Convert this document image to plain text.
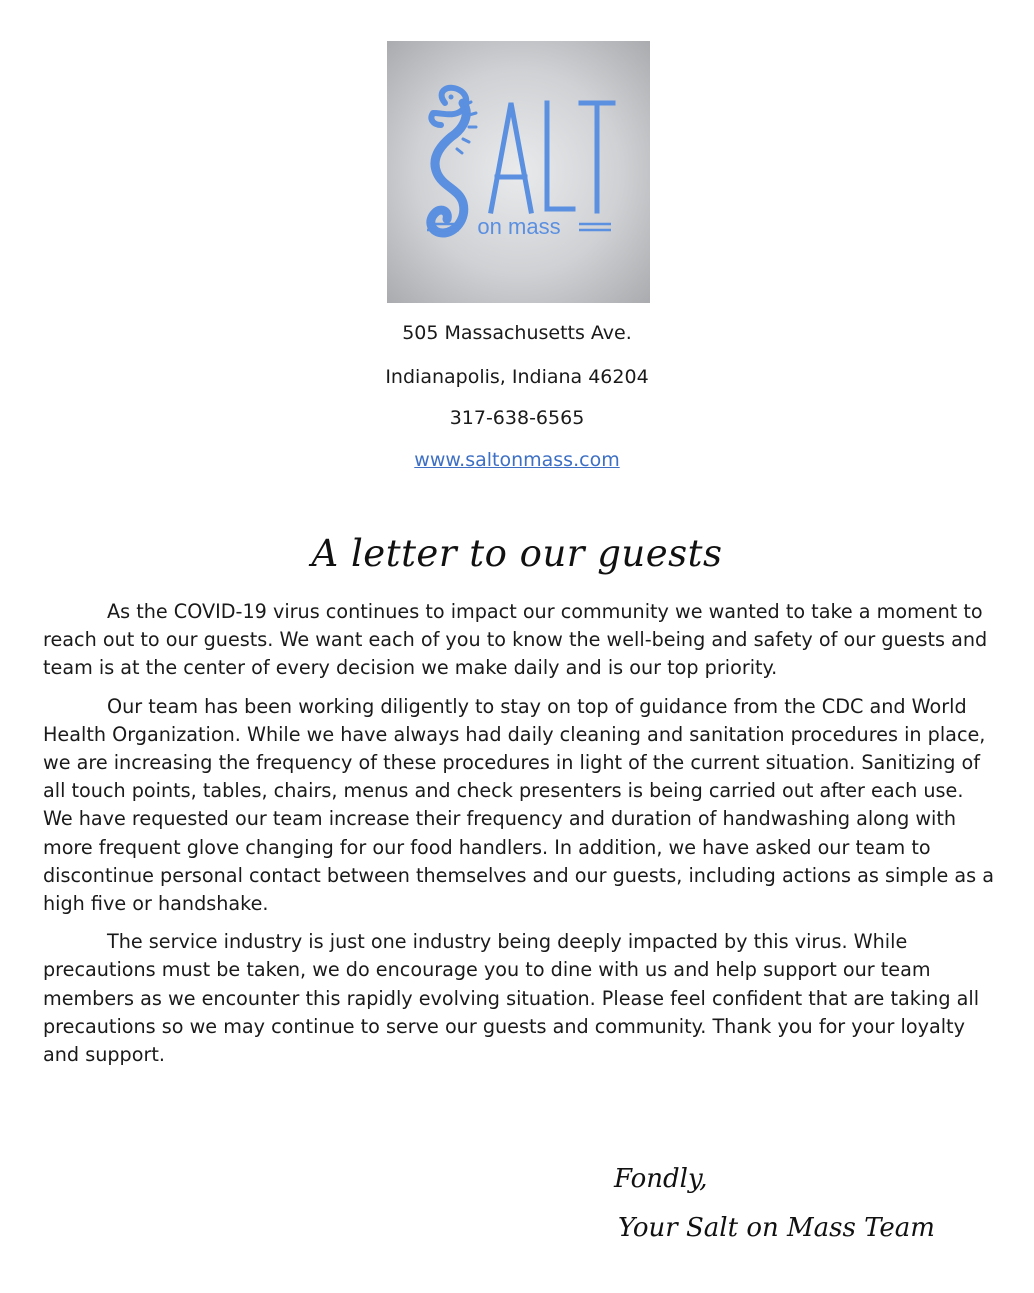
on mass
505 Massachusetts Ave.
Indianapolis, Indiana 46204
317-638-6565
www.saltonmass.com
A letter to our guests

As the COVID-19 virus continues to impact our community we wanted to take a moment to reach out to our guests. We want each of you to know the well-being and safety of our guests and team is at the center of every decision we make daily and is our top priority.

Our team has been working diligently to stay on top of guidance from the CDC and World Health Organization. While we have always had daily cleaning and sanitation procedures in place, we are increasing the frequency of these procedures in light of the current situation. Sanitizing of all touch points, tables, chairs, menus and check presenters is being carried out after each use. We have requested our team increase their frequency and duration of handwashing along with more frequent glove changing for our food handlers. In addition, we have asked our team to discontinue personal contact between themselves and our guests, including actions as simple as a high five or handshake.

The service industry is just one industry being deeply impacted by this virus. While precautions must be taken, we do encourage you to dine with us and help support our team members as we encounter this rapidly evolving situation. Please feel confident that are taking all precautions so we may continue to serve our guests and community. Thank you for your loyalty and support.

Fondly,
Your Salt on Mass Team
